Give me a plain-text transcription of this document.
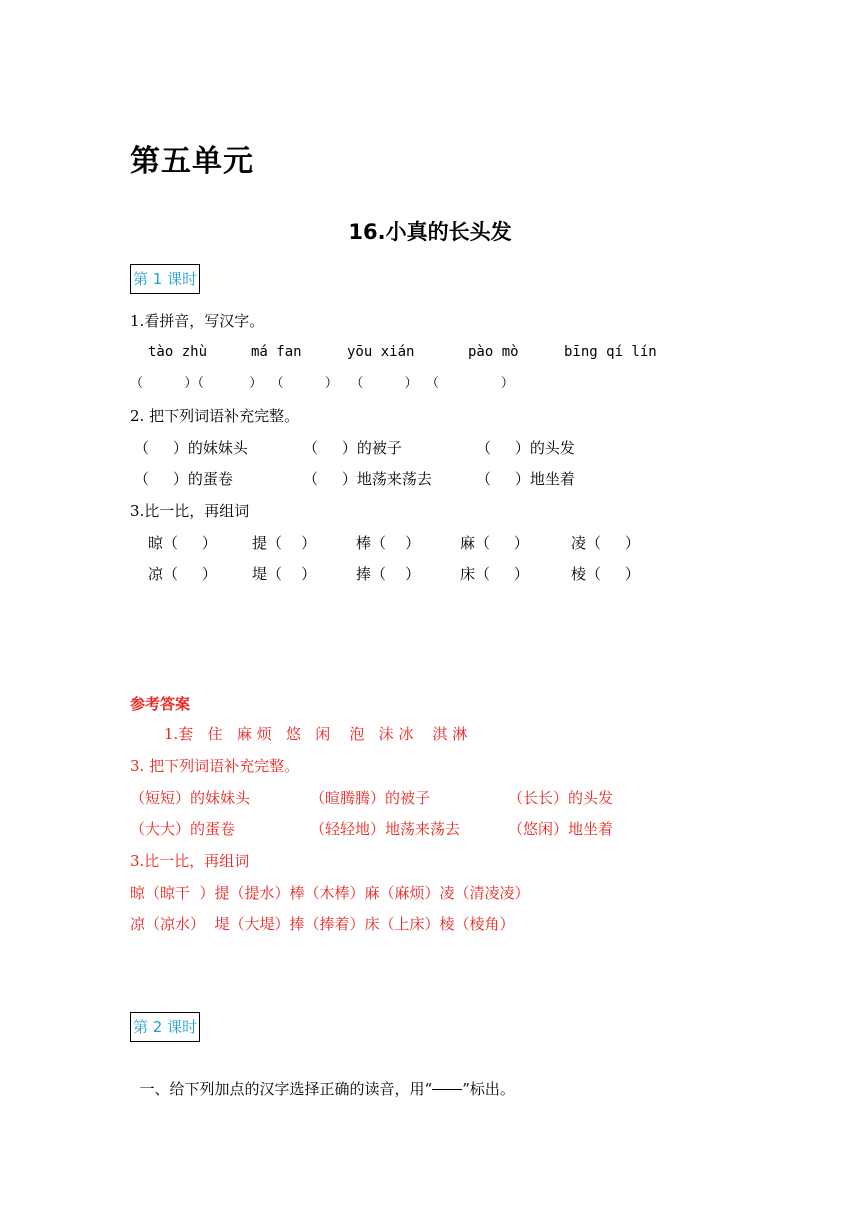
第五单元
16.小真的长头发
第 1 课时
1.看拼音，写汉字。
tào zhù	má fan	yōu xián	pào mò	bīng qí lín
（          ）（           ）  （          ）   （          ）  （               ）
2. 把下列词语补充完整。
（     ）的妹妹头	（     ）的被子	（     ）的头发
（     ）的蛋卷	（     ）地荡来荡去	（     ）地坐着
3.比一比，再组词
晾（     ） 提（    ）	棒（    ）	麻（     ）	凌（     ）
凉（     ） 堤（    ）	捧（    ）	床（     ）	棱（     ）
参考答案
1.套   住   麻 烦   悠   闲    泡   沫 冰    淇 淋
3. 把下列词语补充完整。
（短短）的妹妹头	（暄腾腾）的被子	（长长）的头发
（大大）的蛋卷	（轻轻地）地荡来荡去	（悠闲）地坐着
3.比一比，再组词
晾（晾干  ）提（提水）棒（木棒）麻（麻烦）凌（清凌凌）
凉（凉水）  堤（大堤）捧（捧着）床（上床）棱（棱角）
第 2 课时

一、给下列加点的汉字选择正确的读音，用“ ”标出。
